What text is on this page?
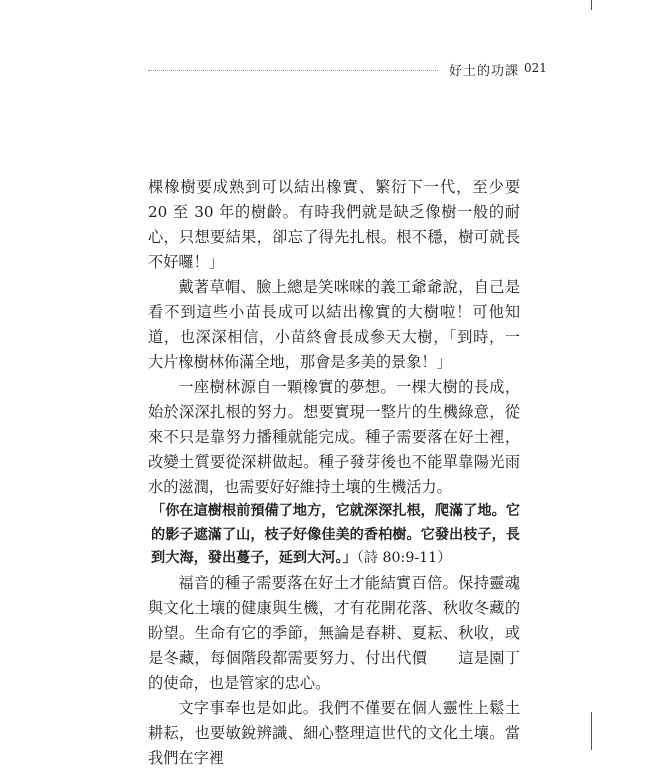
好土的功課 021

棵橡樹要成熟到可以結出橡實、繁衍下一代，至少要 20 至 30 年的樹齡。有時我們就是缺乏像樹一般的耐心，只想要結果，卻忘了得先扎根。根不穩，樹可就長不好囉！」

戴著草帽、臉上總是笑咪咪的義工爺爺說，自己是看不到這些小苗長成可以結出橡實的大樹啦！可他知道，也深深相信，小苗終會長成參天大樹，「到時，一大片橡樹林佈滿全地，那會是多美的景象！」

一座樹林源自一顆橡實的夢想。一棵大樹的長成，始於深深扎根的努力。想要實現一整片的生機綠意，從來不只是靠努力播種就能完成。種子需要落在好土裡，改變土質要從深耕做起。種子發芽後也不能單靠陽光雨水的滋潤，也需要好好維持土壤的生機活力。

「你在這樹根前預備了地方，它就深深扎根，爬滿了地。它的影子遮滿了山，枝子好像佳美的香柏樹。它發出枝子，長到大海，發出蔓子，延到大河。」（詩 80:9-11）

福音的種子需要落在好土才能結實百倍。保持靈魂與文化土壤的健康與生機，才有花開花落、秋收冬藏的盼望。生命有它的季節，無論是春耕、夏耘、秋收，或是冬藏，每個階段都需要努力、付出代價　　這是園丁的使命，也是管家的忠心。

文字事奉也是如此。我們不僅要在個人靈性上鬆土耕耘，也要敏銳辨識、細心整理這世代的文化土壤。當我們在字裡
